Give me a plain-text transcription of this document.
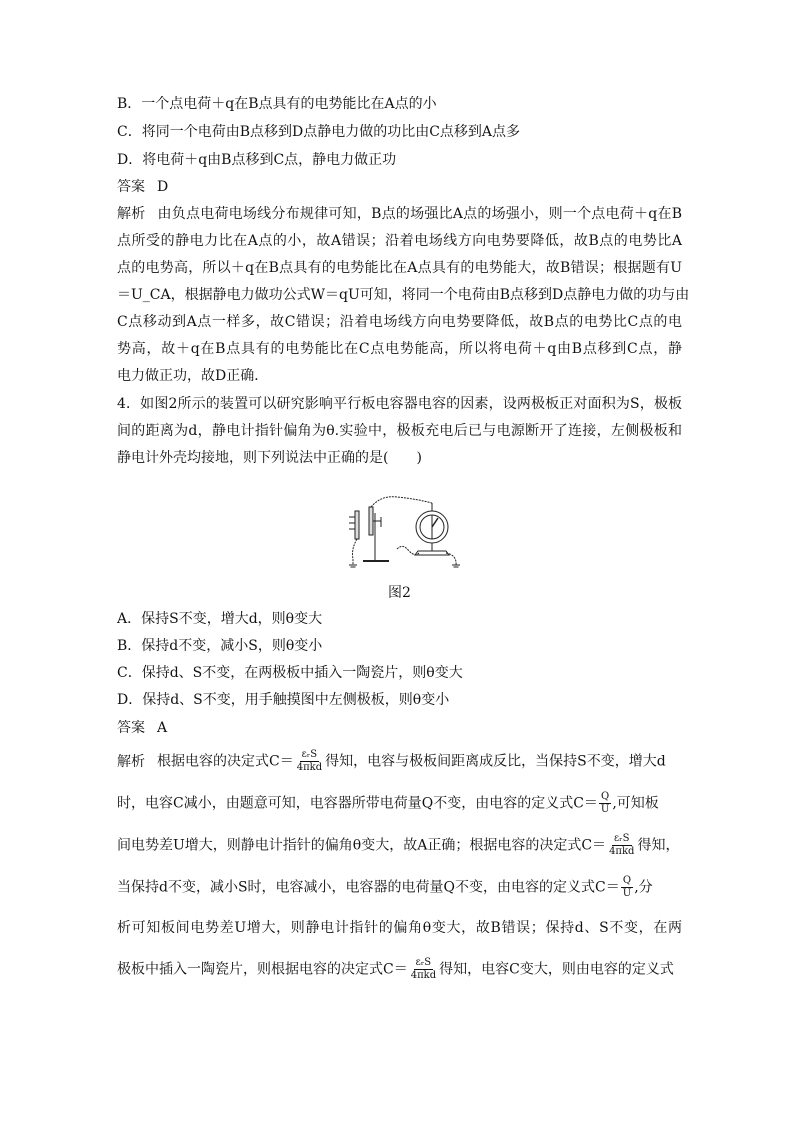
B．一个点电荷＋q在B点具有的电势能比在A点的小
C．将同一个电荷由B点移到D点静电力做的功比由C点移到A点多
D．将电荷＋q由B点移到C点，静电力做正功
答案 D
解析 由负点电荷电场线分布规律可知，B点的场强比A点的场强小，则一个点电荷＋q在B
点所受的静电力比在A点的小，故A错误；沿着电场线方向电势要降低，故B点的电势比A
点的电势高，所以＋q在B点具有的电势能比在A点具有的电势能大，故B错误；根据题有U
＝U_CA，根据静电力做功公式W＝qU可知，将同一个电荷由B点移到D点静电力做的功与由
C点移动到A点一样多，故C错误；沿着电场线方向电势要降低，故B点的电势比C点的电
势高，故＋q在B点具有的电势能比在C点电势能高，所以将电荷＋q由B点移到C点，静
电力做正功，故D正确．
4．如图2所示的装置可以研究影响平行板电容器电容的因素，设两极板正对面积为S，极板
间的距离为d，静电计指针偏角为θ.实验中，极板充电后已与电源断开了连接，左侧极板和
静电计外壳均接地，则下列说法中正确的是(　　)
图2
A．保持S不变，增大d，则θ变大
B．保持d不变，减小S，则θ变小
C．保持d、S不变，在两极板中插入一陶瓷片，则θ变大
D．保持d、S不变，用手触摸图中左侧极板，则θ变小
答案 A
解析 根据电容的决定式$C= \frac{\text{εᵣS}}{\text{4πkd}}$ 得知，电容与极板间距离成反比，当保持S不变，增大d
时，电容C减小，由题意可知，电容器所带电荷量Q不变，由电容的定义式$C= \frac{Q}{U}$ ,可知板
间电势差U增大，则静电计指针的偏角θ变大，故A正确；根据电容的决定式$C= \frac{\text{εᵣS}}{\text{4πkd}}$ 得知，
当保持d不变，减小S时，电容减小，电容器的电荷量Q不变，由电容的定义式$C= \frac{Q}{U}$ ,分
析可知板间电势差U增大，则静电计指针的偏角θ变大，故B错误；保持d、S不变，在两
极板中插入一陶瓷片，则根据电容的决定式$C= \frac{\text{εᵣS}}{\text{4πkd}}$ 得知，电容C变大，则由电容的定义式
